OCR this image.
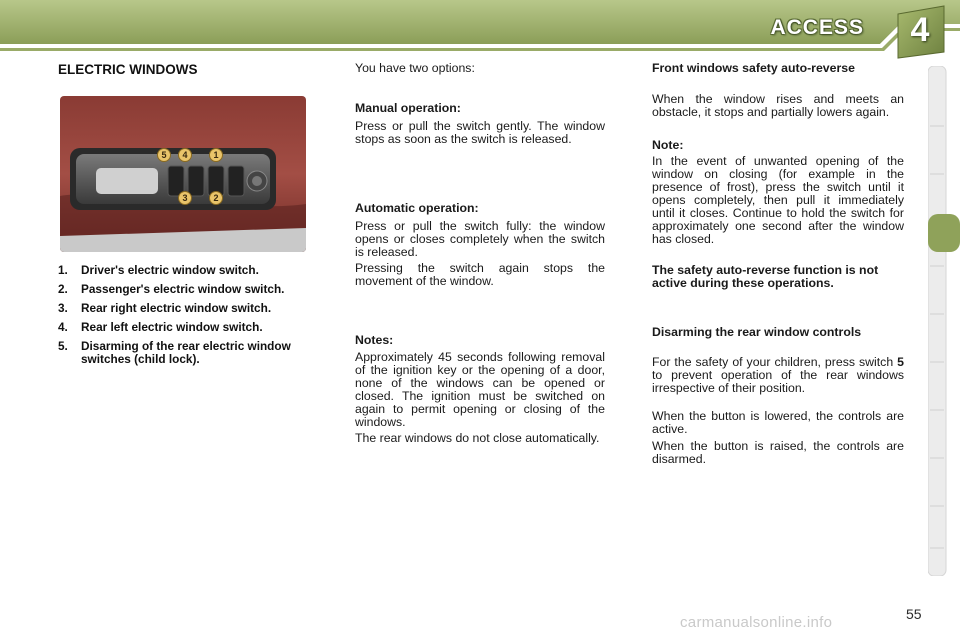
ACCESS	4
ELECTRIC WINDOWS
5 4	1
3	2
1. Driver's electric window switch.
2. Passenger's electric window switch.
3. Rear right electric window switch.
4. Rear left electric window switch.
5. Disarming of the rear electric window switches (child lock).

You have two options:

Manual operation:

Press or pull the switch gently. The window stops as soon as the switch is released.

Automatic operation:

Press or pull the switch fully: the window opens or closes completely when the switch is released.

Pressing the switch again stops the movement of the window.

Notes:

Approximately 45 seconds following removal of the ignition key or the opening of a door, none of the windows can be opened or closed. The ignition must be switched on again to permit opening or closing of the windows.

The rear windows do not close automatically.

Front windows safety auto-reverse

When the window rises and meets an obstacle, it stops and partially lowers again.

Note:

In the event of unwanted opening of the window on closing (for example in the presence of frost), press the switch until it opens completely, then pull it immediately until it closes. Continue to hold the switch for approximately one second after the window has closed.

The safety auto-reverse function is not active during these operations.

Disarming the rear window controls

For the safety of your children, press switch 5 to prevent operation of the rear windows irrespective of their position.

When the button is lowered, the controls are active.

When the button is raised, the controls are disarmed.

55
carmanualsonline.info
